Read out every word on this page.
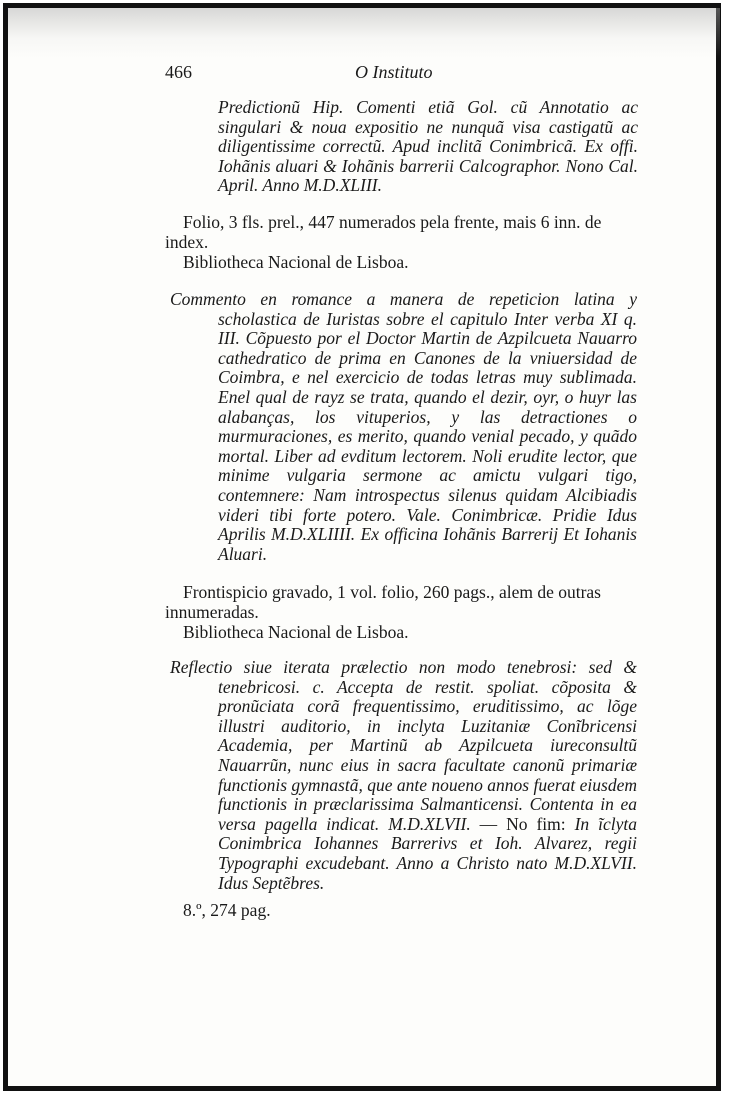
466	O Instituto

Predictionũ Hip. Comenti etiã Gol. cũ Annotatio ac singulari & noua expositio ne nunquã visa castigatũ ac diligentissime correctũ. Apud inclitã Conimbricã. Ex offi. Iohãnis aluari & Iohãnis barrerii Calcographor. Nono Cal. April. Anno M.D.XLIII.

Folio, 3 fls. prel., 447 numerados pela frente, mais 6 inn. de index.
Bibliotheca Nacional de Lisboa.

Commento en romance a manera de repeticion latina y scholastica de Iuristas sobre el capitulo Inter verba XI q. III. Cõpuesto por el Doctor Martin de Azpilcueta Nauarro cathedratico de prima en Canones de la vniuersidad de Coimbra, e nel exercicio de todas letras muy sublimada. Enel qual de rayz se trata, quando el dezir, oyr, o huyr las alabanças, los vituperios, y las detractiones o murmuraciones, es merito, quando venial pecado, y quãdo mortal. Liber ad evditum lectorem. Noli erudite lector, que minime vulgaria sermone ac amictu vulgari tigo, contemnere: Nam introspectus silenus quidam Alcibiadis videri tibi forte potero. Vale. Conimbricæ. Pridie Idus Aprilis M.D.XLIIII. Ex officina Iohãnis Barrerij Et Iohanis Aluari.

Frontispicio gravado, 1 vol. folio, 260 pags., alem de outras innumeradas.
Bibliotheca Nacional de Lisboa.

Reflectio siue iterata prælectio non modo tenebrosi: sed & tenebricosi. c. Accepta de restit. spoliat. cõposita & pronũciata corã frequentissimo, eruditissimo, ac lõge illustri auditorio, in inclyta Luzitaniæ Conĩbricensi Academia, per Martinũ ab Azpilcueta iureconsultũ Nauarrũn, nunc eius in sacra facultate canonũ primariæ functionis gymnastã, que ante noueno annos fuerat eiusdem functionis in præclarissima Salmanticensi. Contenta in ea versa pagella indicat. M.D.XLVII. — No fim: In ĩclyta Conimbrica Iohannes Barrerivs et Ioh. Alvarez, regii Typographi excudebant. Anno a Christo nato M.D.XLVII. Idus Septẽbres.

8.º, 274 pag.
